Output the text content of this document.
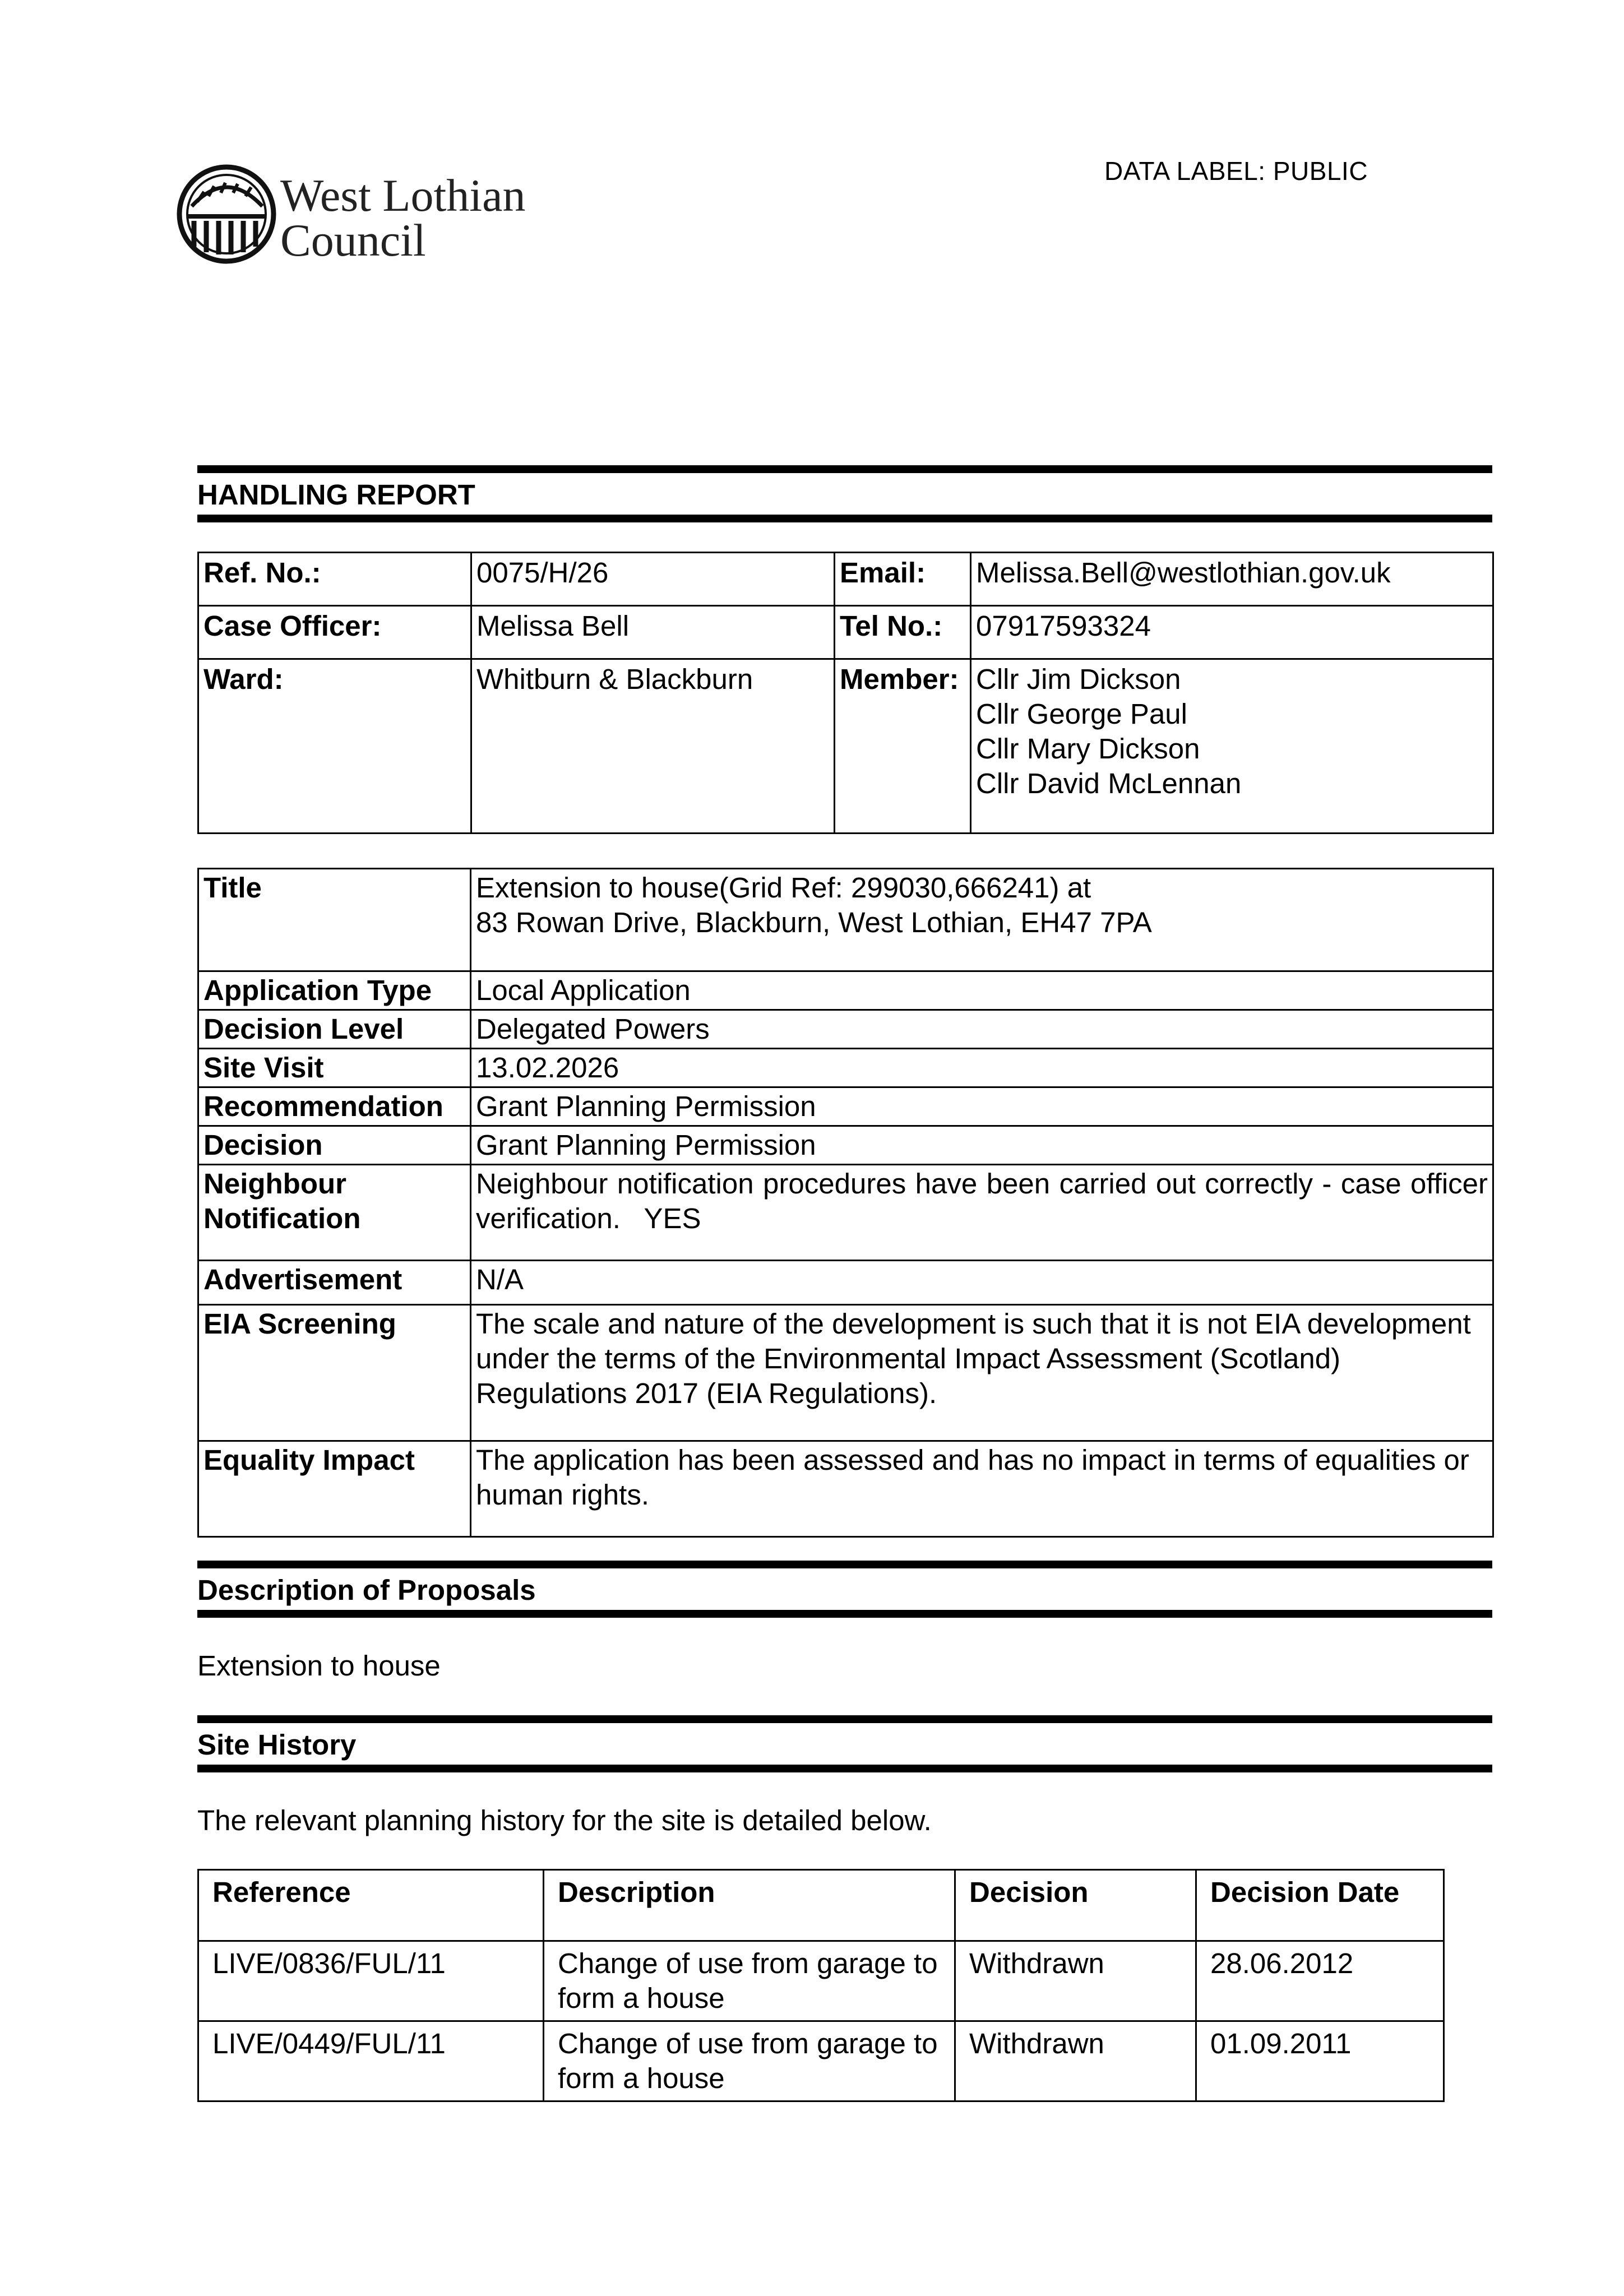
West Lothian
Council
DATA LABEL: PUBLIC
HANDLING REPORT
Ref. No.:	0075/H/26	Email:	Melissa.Bell@westlothian.gov.uk
Case Officer:	Melissa Bell	Tel No.:	07917593324
Ward:	Whitburn & Blackburn	Member:	Cllr Jim Dickson
Cllr George Paul
Cllr Mary Dickson
Cllr David McLennan
Title	Extension to house(Grid Ref: 299030,666241) at
83 Rowan Drive, Blackburn, West Lothian, EH47 7PA

Application Type	Local Application
Decision Level	Delegated Powers
Site Visit	13.02.2026
Recommendation	Grant Planning Permission
Decision	Grant Planning Permission

Neighbour
Notification	Neighbour notification procedures have been carried out correctly - case officer verification.   YES
Advertisement	N/A
EIA Screening	The scale and nature of the development is such that it is not EIA development under the terms of the Environmental Impact Assessment (Scotland) Regulations 2017 (EIA Regulations).
Equality Impact	The application has been assessed and has no impact in terms of equalities or human rights.
Description of Proposals
Extension to house
Site History
The relevant planning history for the site is detailed below.
Reference	Description	Decision	Decision Date
LIVE/0836/FUL/11	Change of use from garage to form a house	Withdrawn	28.06.2012
LIVE/0449/FUL/11	Change of use from garage to form a house	Withdrawn	01.09.2011
